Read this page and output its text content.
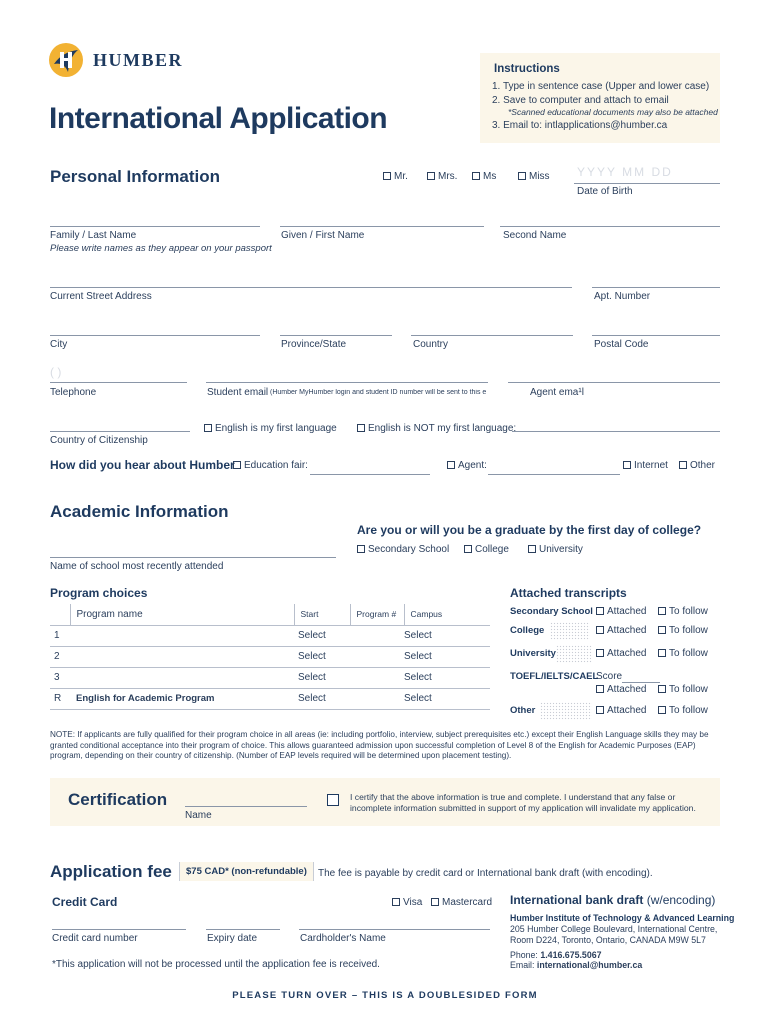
HUMBER
International Application
Instructions
1. Type in sentence case (Upper and lower case)
2. Save to computer and attach to email
*Scanned educational documents may also be attached
3. Email to: intlapplications@humber.ca
Personal Information	Mr.	Mrs.	Ms	Miss YYYY MM DD
Date of Birth
Family / Last Name
Please write names as they appear on your passport
Given / First Name	Second Name
Current Street Address	Apt. Number
City	Province/State	Country	Postal Code
( )
Telephone	Student email (Humber MyHumber login and student ID number will be sent to this e	Agent ema¹l
English is my first language	English is NOT my first language:
Country of Citizenship
How did you hear about Humber Education fair:	Agent:	Internet	Other
Academic Information
Are you or will you be a graduate by the first day of college?
Secondary School	College	University
Name of school most recently attended
Program choices
	Program name	Start	Program #	Campus
1		Select		Select
2		Select		Select
3		Select		Select
R	English for Academic Program	Select		Select
Attached transcripts
Secondary School	Attached	To follow
College	Attached	To follow
University	Attached	To follow
TOEFL/IELTS/CAEL
Score
Attached	To follow
Other	Attached	To follow
NOTE: If applicants are fully qualified for their program choice in all areas (ie: including portfolio, interview, subject prerequisites etc.) except their English Language skills they may be granted conditional acceptance into their program of choice. This allows guaranteed admission upon successful completion of Level 8 of the English for Academic Purposes (EAP) program, depending on their country of citizenship. (Number of EAP levels required will be determined upon placement testing).
Certification
Name
I certify that the above information is true and complete. I understand that any false or incomplete information submitted in support of my application will invalidate my application.
Application fee	$75 CAD* (non-refundable)	The fee is payable by credit card or International bank draft (with encoding).
Credit Card	Visa	Mastercard
Credit card number	Expiry date	Cardholder's Name
*This application will not be processed until the application fee is received.
International bank draft (w/encoding)
Humber Institute of Technology & Advanced Learning
205 Humber College Boulevard, International Centre,
Room D224, Toronto, Ontario, CANADA M9W 5L7
Phone: 1.416.675.5067
Email: international@humber.ca
PLEASE TURN OVER – THIS IS A DOUBLESIDED FORM
